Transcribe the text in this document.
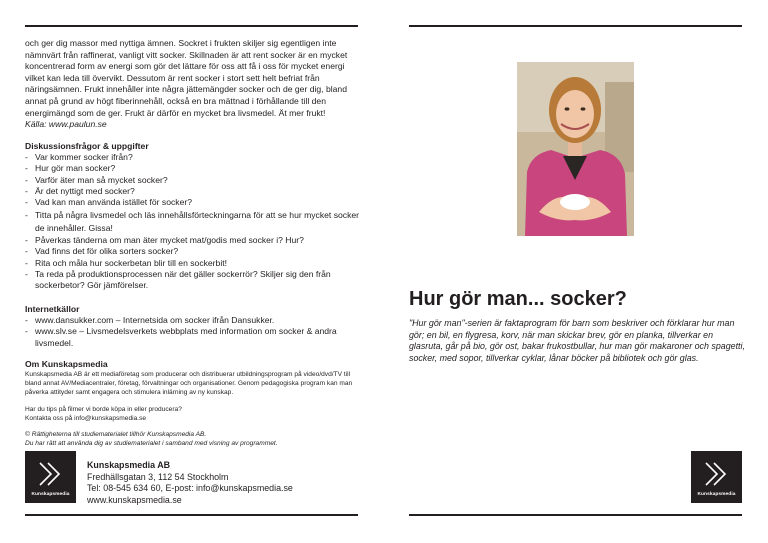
och ger dig massor med nyttiga ämnen. Sockret i frukten skiljer sig egentligen inte nämnvärt från raffinerat, vanligt vitt socker. Skillnaden är att rent socker är en mycket koncentrerad form av energi som gör det lättare för oss att få i oss för mycket energi vilket kan leda till övervikt. Dessutom är rent socker i stort sett helt befriat från näringsämnen. Frukt innehåller inte några jättemängder socker och de ger dig, bland annat på grund av högt fiberinnehåll, också en bra mättnad i förhållande till den energimängd som de ger. Frukt är därför en mycket bra livsmedel. Ät mer frukt!

Källa: www.paulun.se

Diskussionsfrågor & uppgifter

- Var kommer socker ifrån?
- Hur gör man socker?
- Varför äter man så mycket socker?
- Är det nyttigt med socker?
- Vad kan man använda istället för socker?
- Titta på några livsmedel och läs innehållsförteckningarna för att se hur mycket socker de innehåller. Gissa!
- Påverkas tänderna om man äter mycket mat/godis med socker i? Hur?
- Vad finns det för olika sorters socker?
- Rita och måla hur sockerbetan blir till en sockerbit!
- Ta reda på produktionsprocessen när det gäller sockerrör? Skiljer sig den från sockerbetor? Gör jämförelser.

Internetkällor

- www.dansukker.com – Internetsida om socker ifrån Dansukker.
- www.slv.se – Livsmedelsverkets webbplats med information om socker & andra livsmedel.

Om Kunskapsmedia

Kunskapsmedia AB är ett mediaföretag som producerar och distribuerar utbildningsprogram på video/dvd/TV till bland annat AV/Mediacentraler, företag, förvaltningar och organisationer. Genom pedagogiska program kan man påverka attityder samt engagera och stimulera inlärning av ny kunskap.

Har du tips på filmer vi borde köpa in eller producera?

Kontakta oss på info@kunskapsmedia.se

© Rättigheterna till studiematerialet tillhör Kunskapsmedia AB.

Du har rätt att använda dig av studiematerialet i samband med visning av programmet.

Kunskapsmedia

Kunskapsmedia AB

Fredhällsgatan 3, 112 54 Stockholm

Tel: 08-545 634 60, E-post: info@kunskapsmedia.se

www.kunskapsmedia.se

Hur gör man... socker?

"Hur gör man"-serien är faktaprogram för barn som beskriver och förklarar hur man gör; en bil, en flygresa, korv, när man skickar brev, gör en planka, tillverkar en glasruta, går på bio, gör ost, bakar frukostbullar, hur man gör makaroner och spagetti, socker, med sopor, tillverkar cyklar, lånar böcker på bibliotek och gör glas.

Kunskapsmedia
